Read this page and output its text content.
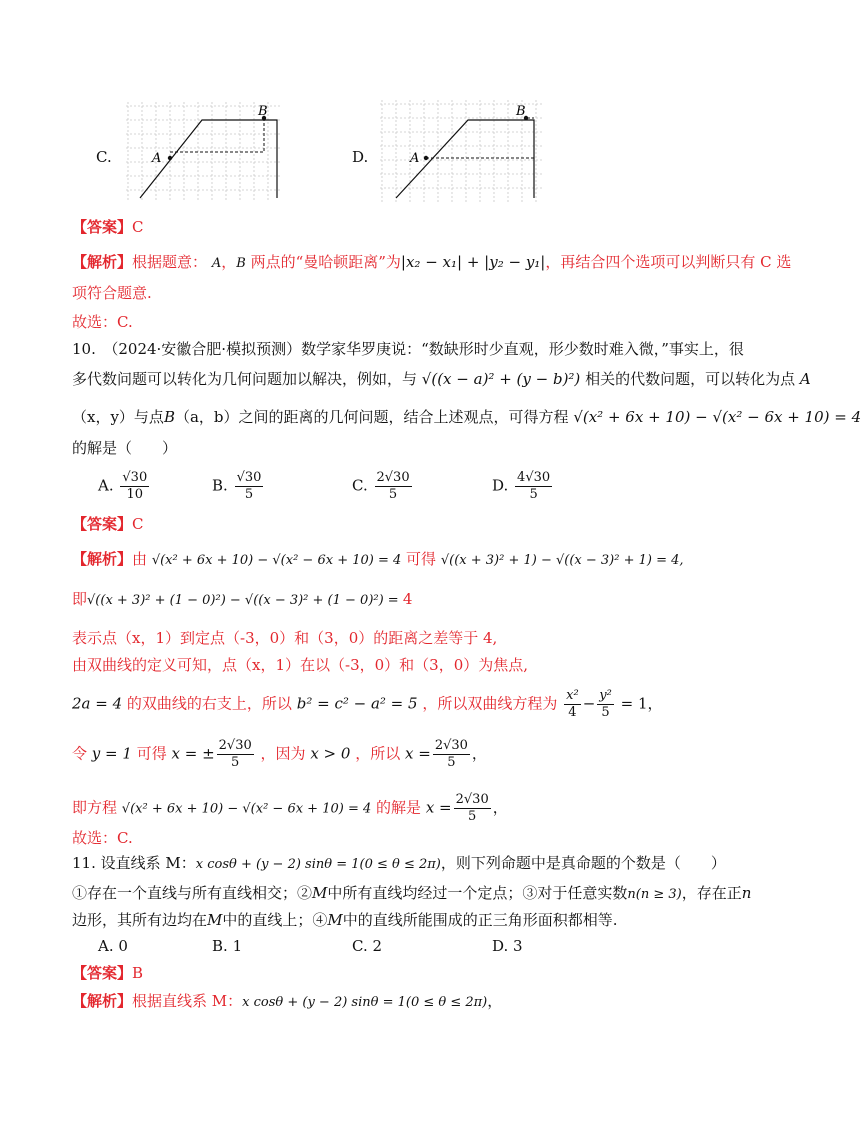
C.	A
B
D.	A
B
【答案】C
【解析】根据题意： A，B 两点的“曼哈顿距离”为|x₂ − x₁| + |y₂ − y₁|，再结合四个选项可以判断只有 C 选
项符合题意.
故选：C.
10.　（2024·安徽合肥·模拟预测）数学家华罗庚说：“数缺形时少直观，形少数时难入微，”事实上，很
多代数问题可以转化为几何问题加以解决，例如，与 √((x − a)² + (y − b)²) 相关的代数问题，可以转化为点 A
（x，y）与点B（a，b）之间的距离的几何问题，结合上述观点，可得方程 √(x² + 6x + 10) − √(x² − 6x + 10) = 4
的解是（　　）
A. $\frac{√30}{10}$	B. $\frac{√30}{5}$	C. $\frac{2√30}{5}$	D. $\frac{4√30}{5}$
【答案】C
【解析】由 √(x² + 6x + 10) − √(x² − 6x + 10) = 4 可得 √((x + 3)² + 1) − √((x − 3)² + 1) = 4,
即√((x + 3)² + (1 − 0)²) − √((x − 3)² + (1 − 0)²) = 4
表示点（x，1）到定点（-3，0）和（3，0）的距离之差等于 4,
由双曲线的定义可知，点（x，1）在以（-3，0）和（3，0）为焦点,
2a = 4 的双曲线的右支上，所以 b² = c² − a² = 5 ，所以双曲线方程为 $\frac{\text{x²}}{4} - \frac{\text{y²}}{5} = 1$，
令 y = 1 可得 x = ± $\frac{2√30}{5}$ ，因为 x > 0 ，所以 $x = \frac{2√30}{5}$ ，
即方程 √(x² + 6x + 10) − √(x² − 6x + 10) = 4 的解是 $x = \frac{2√30}{5}$ ，
故选：C.
11. 设直线系 M：x cosθ + (y − 2) sinθ = 1(0 ≤ θ ≤ 2π)，则下列命题中是真命题的个数是（　　）
①存在一个直线与所有直线相交；②M中所有直线均经过一个定点；③对于任意实数n(n ≥ 3)，存在正n
边形，其所有边均在M中的直线上；④M中的直线所能围成的正三角形面积都相等.
A. 0	B. 1	C. 2	D. 3
【答案】B
【解析】根据直线系 M：x cosθ + (y − 2) sinθ = 1(0 ≤ θ ≤ 2π)，
